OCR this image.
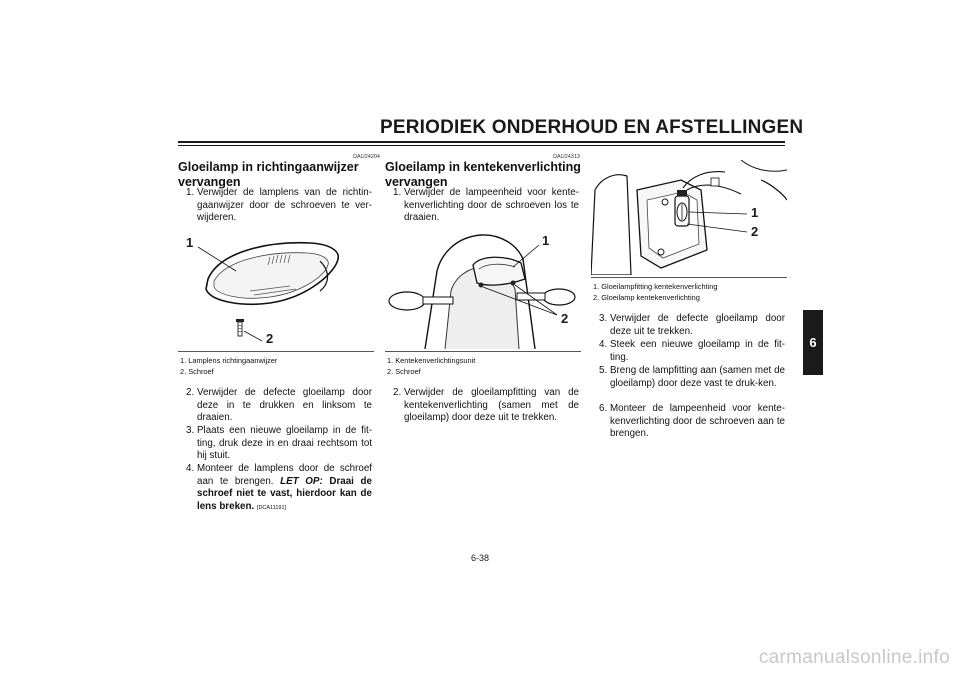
PERIODIEK ONDERHOUD EN AFSTELLINGEN
6
DAU24204
Gloeilamp in richtingaanwijzer
vervangen
1. Verwijder de lamplens van de richtin-gaanwijzer door de schroeven te ver-wijderen.
1
2
1. Lamplens richtingaanwijzer
2. Schroef
2. Verwijder de defecte gloeilamp door deze in te drukken en linksom te draaien.
3. Plaats een nieuwe gloeilamp in de fit-ting, druk deze in en draai rechtsom tot hij stuit.
4. Monteer de lamplens door de schroef aan te brengen. LET OP: Draai de schroef niet te vast, hierdoor kan de lens breken. [DCA11191]
DAU24313
Gloeilamp in kentekenverlichting
vervangen
1. Verwijder de lampeenheid voor kente-kenverlichting door de schroeven los te draaien.
1
2
1. Kentekenverlichtingsunit
2. Schroef
2. Verwijder de gloeilampfitting van de kentekenverlichting (samen met de gloeilamp) door deze uit te trekken.
1
2
1. Gloeilampfitting kentekenverlichting
2. Gloeilamp kentekenverlichting
3. Verwijder de defecte gloeilamp door deze uit te trekken.
4. Steek een nieuwe gloeilamp in de fit-ting.
5. Breng de lampfitting aan (samen met de gloeilamp) door deze vast te druk-ken.
6. Monteer de lampeenheid voor kente-kenverlichting door de schroeven aan te brengen.
6-38
carmanualsonline.info
